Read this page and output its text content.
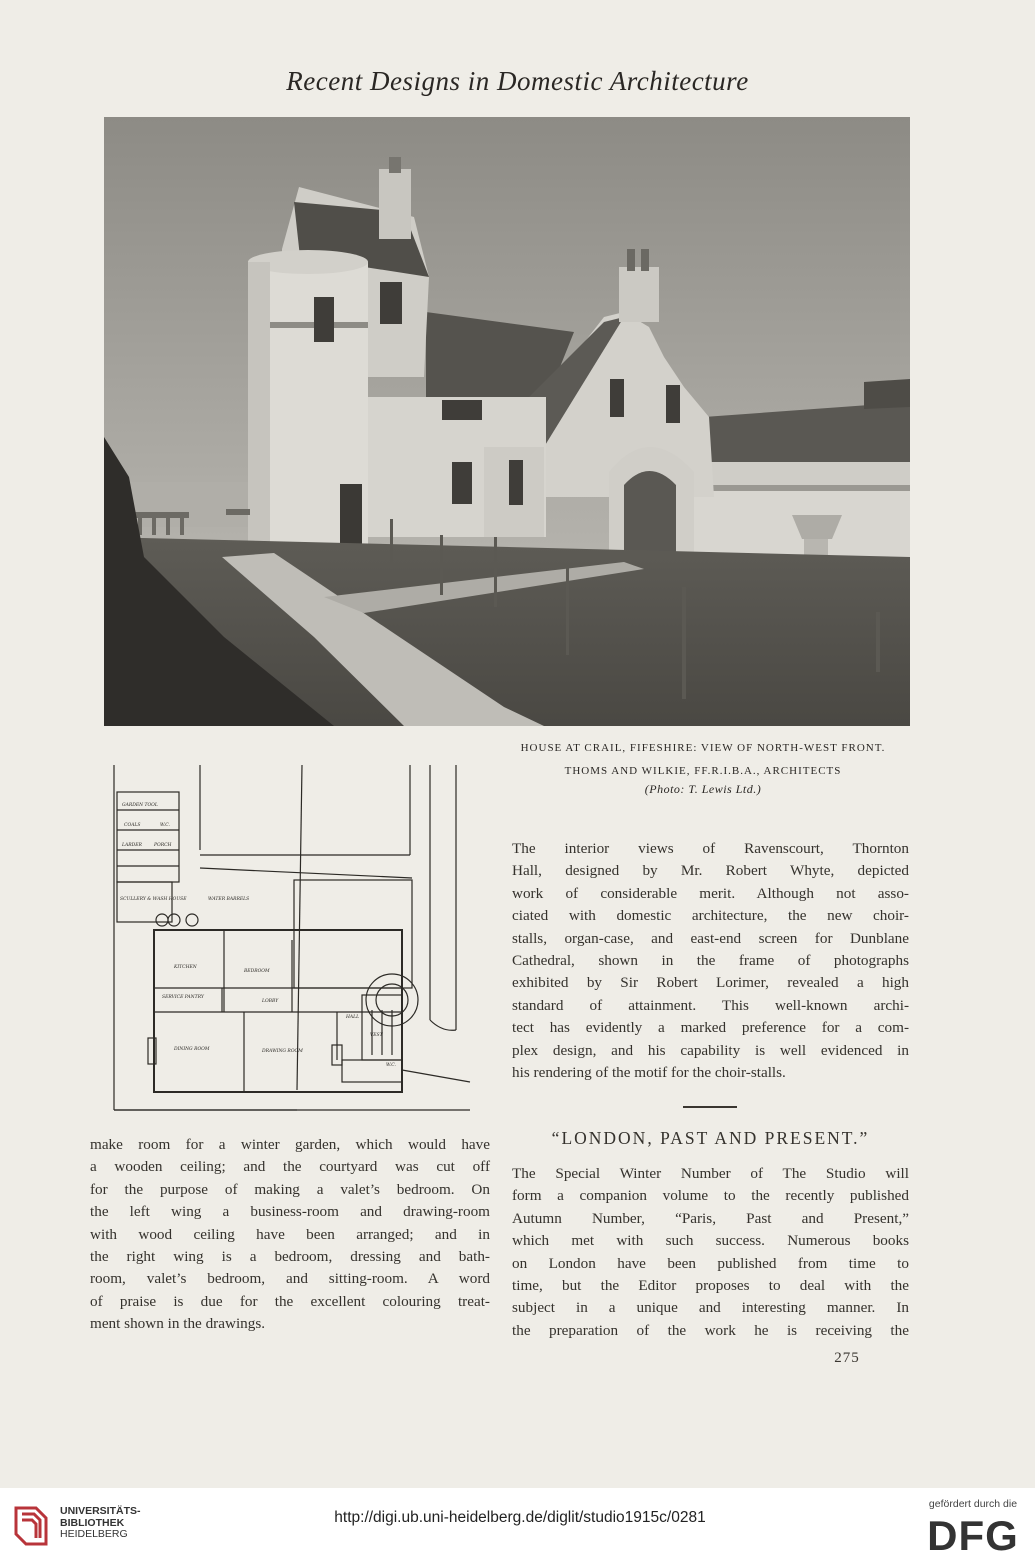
Recent Designs in Domestic Architecture
HOUSE AT CRAIL, FIFESHIRE: VIEW OF NORTH-WEST FRONT.
THOMS AND WILKIE, FF.R.I.B.A., ARCHITECTS
(Photo: T. Lewis Ltd.)
GARDEN TOOL
COALS	W.C.
LARDER	PORCH
SCULLERY & WASH HOUSE	WATER BARRELS
KITCHEN
BEDROOM
SERVICE PANTRY
LOBBY
HALL
VEST
DINING ROOM	DRAWING ROOM
W.C.
The interior views of Ravenscourt, Thornton
Hall, designed by Mr. Robert Whyte, depicted
work of considerable merit. Although not asso-
ciated with domestic architecture, the new choir-
stalls, organ-case, and east-end screen for Dunblane
Cathedral, shown in the frame of photographs
exhibited by Sir Robert Lorimer, revealed a high
standard of attainment. This well-known archi-
tect has evidently a marked preference for a com-
plex design, and his capability is well evidenced in
his rendering of the motif for the choir-stalls.
“LONDON, PAST AND PRESENT.”
make room for a winter garden, which would have
a wooden ceiling; and the courtyard was cut off
for the purpose of making a valet’s bedroom. On
the left wing a business-room and drawing-room
with wood ceiling have been arranged; and in
the right wing is a bedroom, dressing and bath-
room, valet’s bedroom, and sitting-room. A word
of praise is due for the excellent colouring treat-
ment shown in the drawings.
The Special Winter Number of The Studio will
form a companion volume to the recently published
Autumn Number, “Paris, Past and Present,”
which met with such success. Numerous books
on London have been published from time to
time, but the Editor proposes to deal with the
subject in a unique and interesting manner. In
the preparation of the work he is receiving the
275
UNIVERSITÄTS-
BIBLIOTHEK
HEIDELBERG
http://digi.ub.uni-heidelberg.de/diglit/studio1915c/0281
gefördert durch die
DFG
